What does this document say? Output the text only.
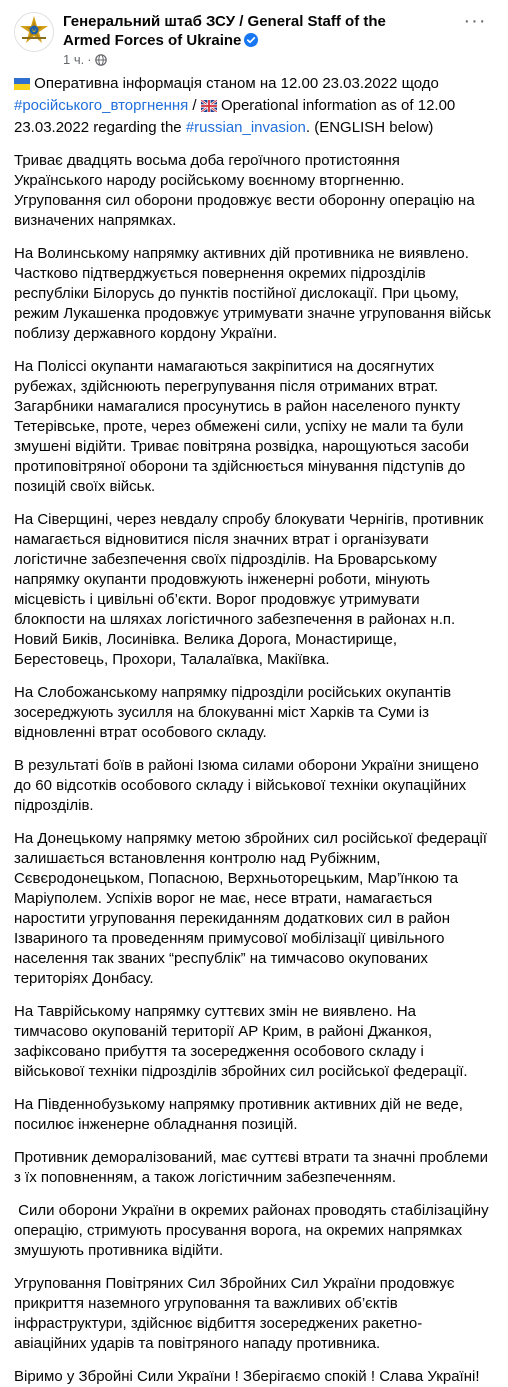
Генеральний штаб ЗСУ / General Staff of the Armed Forces of Ukraine
1 ч. ·
···

Оперативна інформація станом на 12.00 23.03.2022 щодо #російського_вторгнення /  Operational information as of 12.00 23.03.2022 regarding the #russian_invasion. (ENGLISH below)

Триває двадцять восьма доба героїчного протистояння Українського народу російському воєнному вторгненню. Угруповання сил оборони продовжує вести оборонну операцію на визначених напрямках.

На Волинському напрямку активних дій противника не виявлено. Частково підтверджується повернення окремих підрозділів республіки Білорусь до пунктів постійної дислокації. При цьому, режим Лукашенка продовжує утримувати значне угруповання військ поблизу державного кордону України.

На Поліссі окупанти намагаються закріпитися на досягнутих рубежах, здійснюють перегрупування після отриманих втрат. Загарбники намагалися просунутись в район населеного пункту Тетерівське, проте, через обмежені сили, успіху не мали та були змушені відійти. Триває повітряна розвідка, нарощуються засоби протиповітряної оборони та здійснюється мінування підступів до позицій своїх військ.

На Сіверщині, через невдалу спробу блокувати Чернігів, противник намагається відновитися після значних втрат і організувати логістичне забезпечення своїх підрозділів. На Броварському напрямку окупанти продовжують інженерні роботи, мінують місцевість і цивільні об’єкти. Ворог продовжує утримувати блокпости на шляхах логістичного забезпечення в районах н.п. Новий Биків, Лосинівка. Велика Дорога, Монастирище, Берестовець, Прохори, Талалаївка, Макіївка.

На Слобожанському напрямку підрозділи російських окупантів зосереджують зусилля на блокуванні міст Харків та Суми із відновленні втрат особового складу.

В результаті боїв в районі Ізюма силами оборони України знищено до 60 відсотків особового складу і військової техніки окупаційних підрозділів.

На Донецькому напрямку метою збройних сил російської федерації залишається встановлення контролю над Рубіжним, Сєвєродонецьком, Попасною, Верхньоторецьким, Мар’їнкою та Маріуполем. Успіхів ворог не має, несе втрати, намагається наростити угруповання перекиданням додаткових сил в район Ізвариного та проведенням примусової мобілізації цивільного населення так званих “республік” на тимчасово окупованих територіях Донбасу.

На Таврійському напрямку суттєвих змін не виявлено. На тимчасово окупованій території АР Крим, в районі Джанкоя, зафіксовано прибуття та зосередження особового складу і військової техніки підрозділів збройних сил російської федерації.

На Південнобузькому напрямку противник активних дій не веде, посилює інженерне обладнання позицій.

Противник деморалізований, має суттєві втрати та значні проблеми з їх поповненням, а також логістичним забезпеченням.

Сили оборони України в окремих районах проводять стабілізаційну операцію, стримують просування ворога, на окремих напрямках змушують противника відійти.

Угруповання Повітряних Сил Збройних Сил України продовжує прикриття наземного угруповання та важливих об’єктів інфраструктури, здійснює відбиття зосереджених ракетно-авіаційних ударів та повітряного нападу противника.

Віримо у Збройні Сили України ! Зберігаємо спокій ! Слава Україні!
